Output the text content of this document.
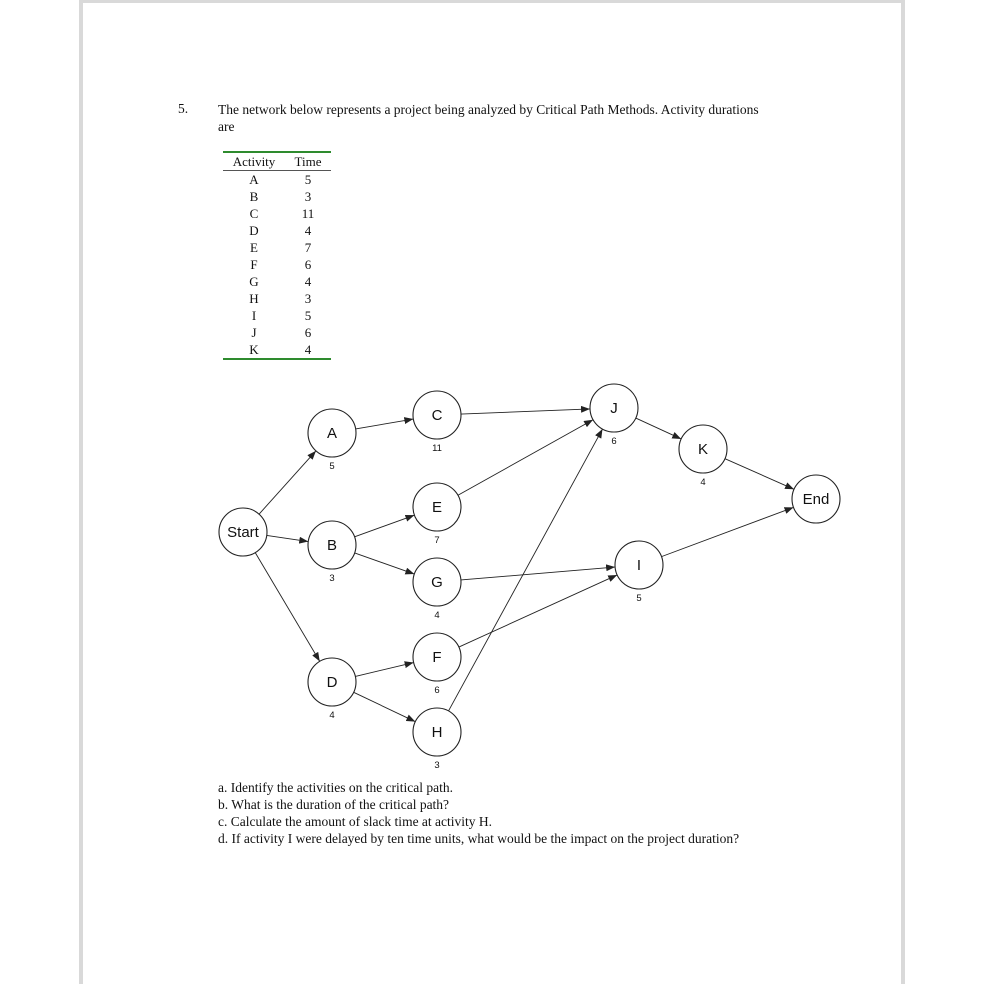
5. The network below represents a project being analyzed by Critical Path Methods. Activity durations are
Activity	Time
A	5
B	3
C	11
D	4
E	7
F	6
G	4
H	3
I	5
J	6
K	4
Start
A
5
B
3
D
4
C
11
E
7
G
4
F
6
H
3
J
6
I
5
K
4
End
a. Identify the activities on the critical path.
b. What is the duration of the critical path?
c. Calculate the amount of slack time at activity H.
d. If activity I were delayed by ten time units, what would be the impact on the project duration?
